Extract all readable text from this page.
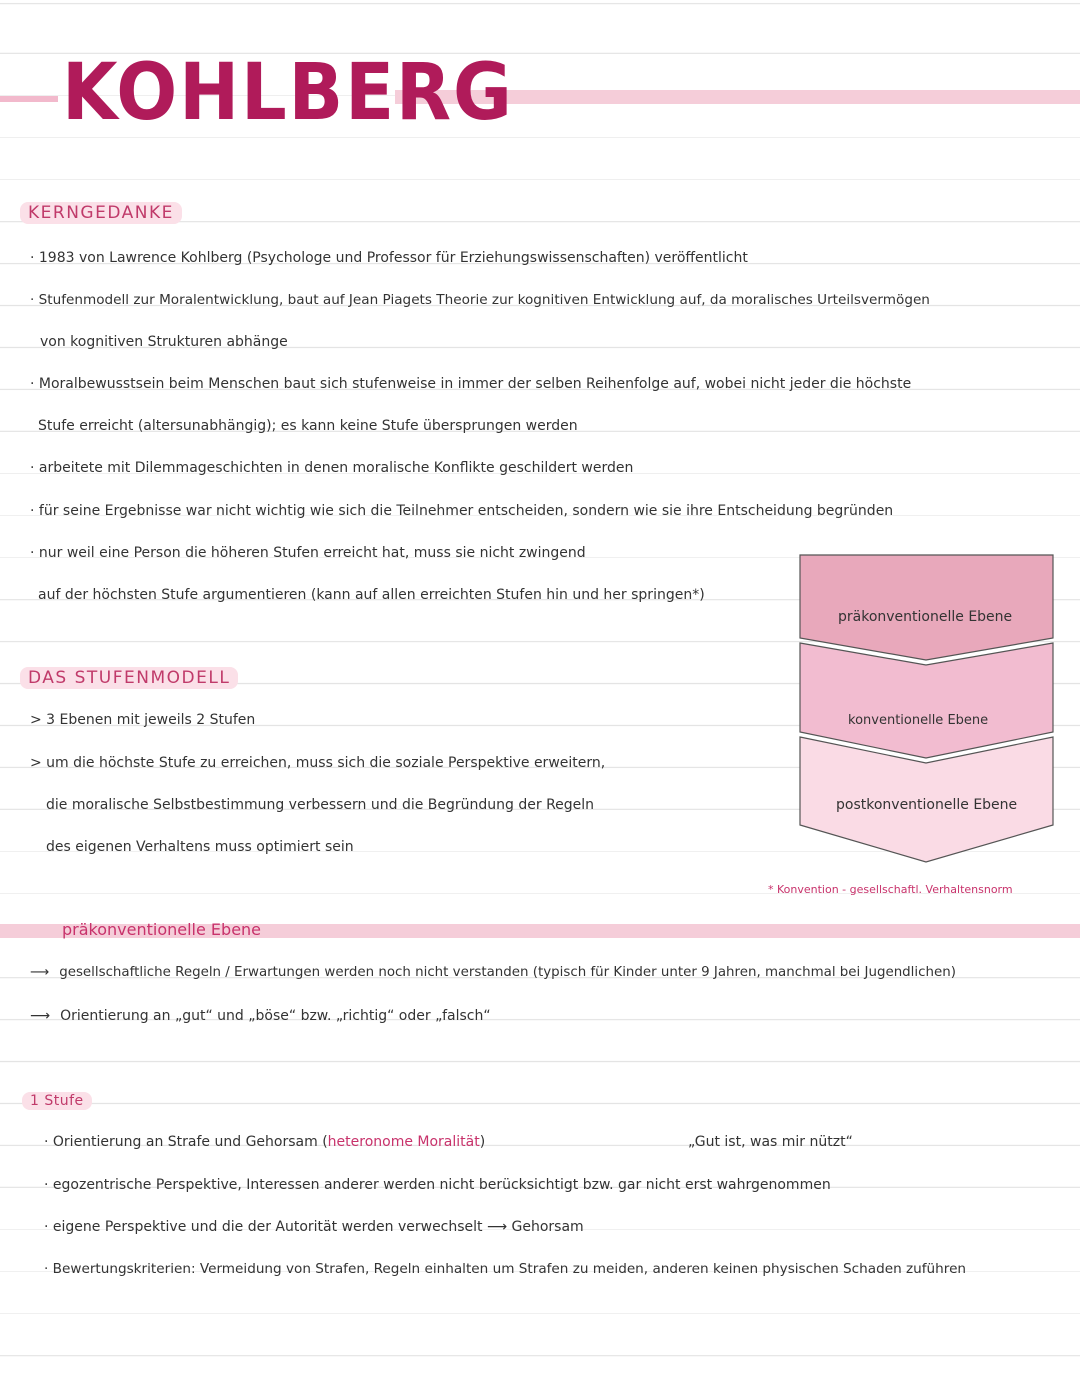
KOHLBERG
KERNGEDANKE
· 1983 von Lawrence Kohlberg (Psychologe und Professor für Erziehungswissenschaften) veröffentlicht
· Stufenmodell zur Moralentwicklung, baut auf Jean Piagets Theorie zur kognitiven Entwicklung auf, da moralisches Urteilsvermögen
von kognitiven Strukturen abhänge
· Moralbewusstsein beim Menschen baut sich stufenweise in immer der selben Reihenfolge auf, wobei nicht jeder die höchste
Stufe erreicht (altersunabhängig); es kann keine Stufe übersprungen werden
· arbeitete mit Dilemmageschichten in denen moralische Konflikte geschildert werden
· für seine Ergebnisse war nicht wichtig wie sich die Teilnehmer entscheiden, sondern wie sie ihre Entscheidung begründen
· nur weil eine Person die höheren Stufen erreicht hat, muss sie nicht zwingend
auf der höchsten Stufe argumentieren (kann auf allen erreichten Stufen hin und her springen*)
DAS STUFENMODELL
> 3 Ebenen mit jeweils 2 Stufen
> um die höchste Stufe zu erreichen, muss sich die soziale Perspektive erweitern,
die moralische Selbstbestimmung verbessern und die Begründung der Regeln
des eigenen Verhaltens muss optimiert sein
präkonventionelle Ebene
konventionelle Ebene
postkonventionelle Ebene
* Konvention - gesellschaftl. Verhaltensnorm
präkonventionelle Ebene
⟶ gesellschaftliche Regeln / Erwartungen werden noch nicht verstanden (typisch für Kinder unter 9 Jahren, manchmal bei Jugendlichen)
⟶ Orientierung an „gut“ und „böse“ bzw. „richtig“ oder „falsch“
1 Stufe
· Orientierung an Strafe und Gehorsam (heteronome Moralität)	„Gut ist, was mir nützt“
· egozentrische Perspektive, Interessen anderer werden nicht berücksichtigt bzw. gar nicht erst wahrgenommen
· eigene Perspektive und die der Autorität werden verwechselt ⟶ Gehorsam
· Bewertungskriterien: Vermeidung von Strafen, Regeln einhalten um Strafen zu meiden, anderen keinen physischen Schaden zuführen
